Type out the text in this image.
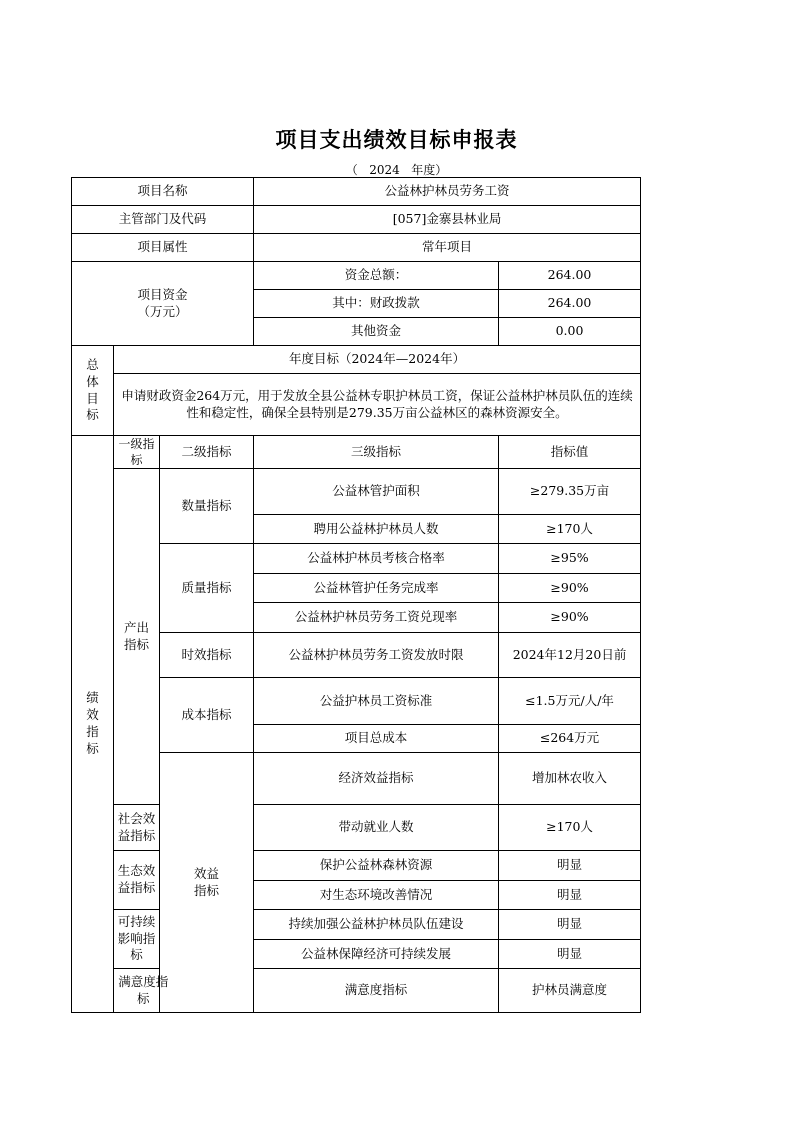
项目支出绩效目标申报表
（ 2024 年度）
项目名称			公益林护林员劳务工资		
主管部门及代码			[057]金寨县林业局		
项目属性			常年项目		

项目资金
（万元）			资金总额：	264.00	
			其中：财政拨款	264.00	
			其他资金	0.00	

总体目标	年度目标（2024年—2024年）				
	申请财政资金264万元，用于发放全县公益林专职护林员工资，保证公益林护林员队伍的连续性和稳定性，确保全县特别是279.35万亩公益林区的森林资源安全。				

绩效指标	一级指标	二级指标	三级指标	指标值	

	产出指标	数量指标	公益林管护面积	≥279.35万亩	
			聘用公益林护林员人数	≥170人	
		质量指标	公益林护林员考核合格率	≥95%	
			公益林管护任务完成率	≥90%	
			公益林护林员劳务工资兑现率	≥90%	
		时效指标	公益林护林员劳务工资发放时限	2024年12月20日前	
		成本指标	公益护林员工资标准	≤1.5万元/人/年	
			项目总成本	≤264万元	

		效益指标	经济效益指标	增加林农收入	
	社会效益指标		带动就业人数	≥170人	
	生态效益指标		保护公益林森林资源	明显	
			对生态环境改善情况	明显	
	可持续影响指标		持续加强公益林护林员队伍建设	明显	
			公益林保障经济可持续发展	明显	

	满意度指标		满意度指标	护林员满意度	
